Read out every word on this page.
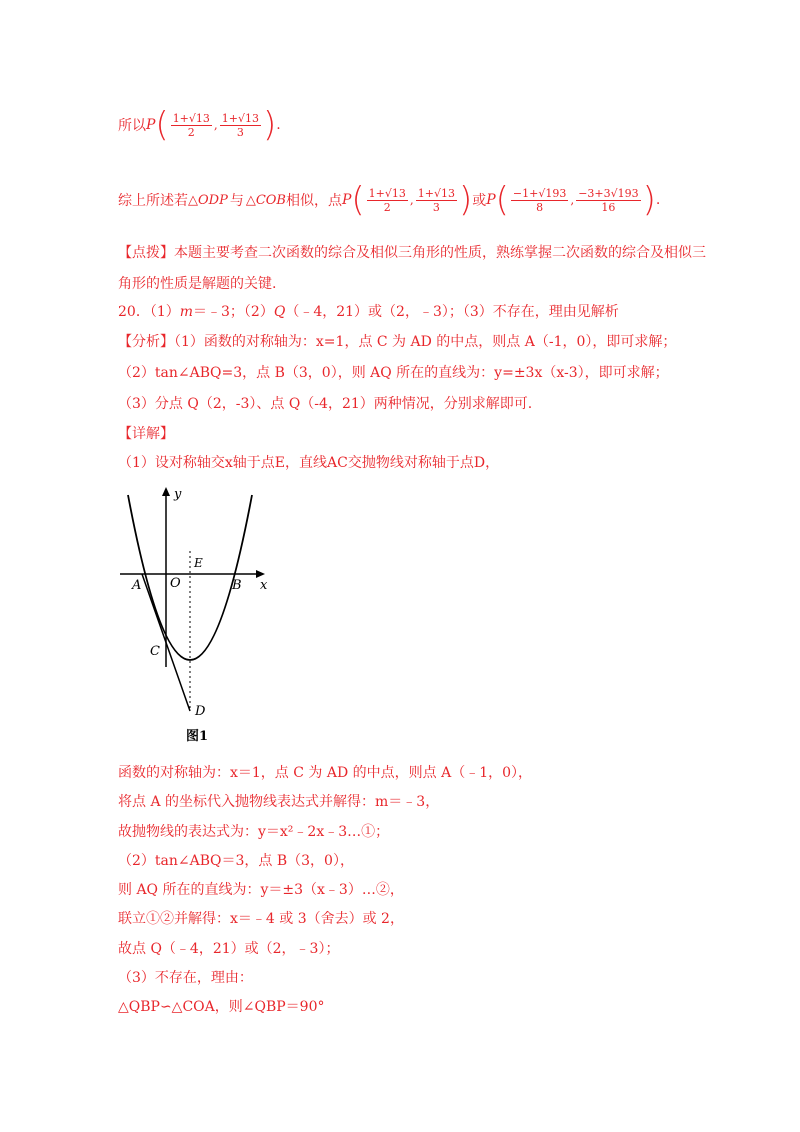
所以 P ( $\frac{1+√13}{2}$ , $\frac{1+√13}{3}$ ) .
综上所述若 △ODP 与 △COB 相似，点 P ( $\frac{1+√13}{2}$ , $\frac{1+√13}{3}$ ) 或 P ( $\frac{-1+√193}{8}$ , $\frac{-3+3√193}{16}$ ) .
【点拨】本题主要考查二次函数的综合及相似三角形的性质，熟练掌握二次函数的综合及相似三
角形的性质是解题的关键.
20．（1）m＝﹣3；（2）Q（﹣4，21）或（2，﹣3）；（3）不存在，理由见解析
【分析】（1）函数的对称轴为：x=1，点 C 为 AD 的中点，则点 A（-1，0），即可求解；
（2）tan∠ABQ=3，点 B（3，0），则 AQ 所在的直线为：y=±3x（x-3），即可求解；
（3）分点 Q（2，-3）、点 Q（-4，21）两种情况，分别求解即可.
【详解】
（1）设对称轴交x轴于点E，直线AC交抛物线对称轴于点D，
y
x
E
A O	B
C
D
图1
函数的对称轴为：x＝1，点 C 为 AD 的中点，则点 A（﹣1，0），
将点 A 的坐标代入抛物线表达式并解得：m＝﹣3，
故抛物线的表达式为：y＝x²﹣2x﹣3…①；
（2）tan∠ABQ＝3，点 B（3，0），
则 AQ 所在的直线为：y＝±3（x﹣3）…②，
联立①②并解得：x＝﹣4 或 3（舍去）或 2，
故点 Q（﹣4，21）或（2，﹣3）；
（3）不存在，理由：
△QBP∽△COA，则∠QBP＝90°
